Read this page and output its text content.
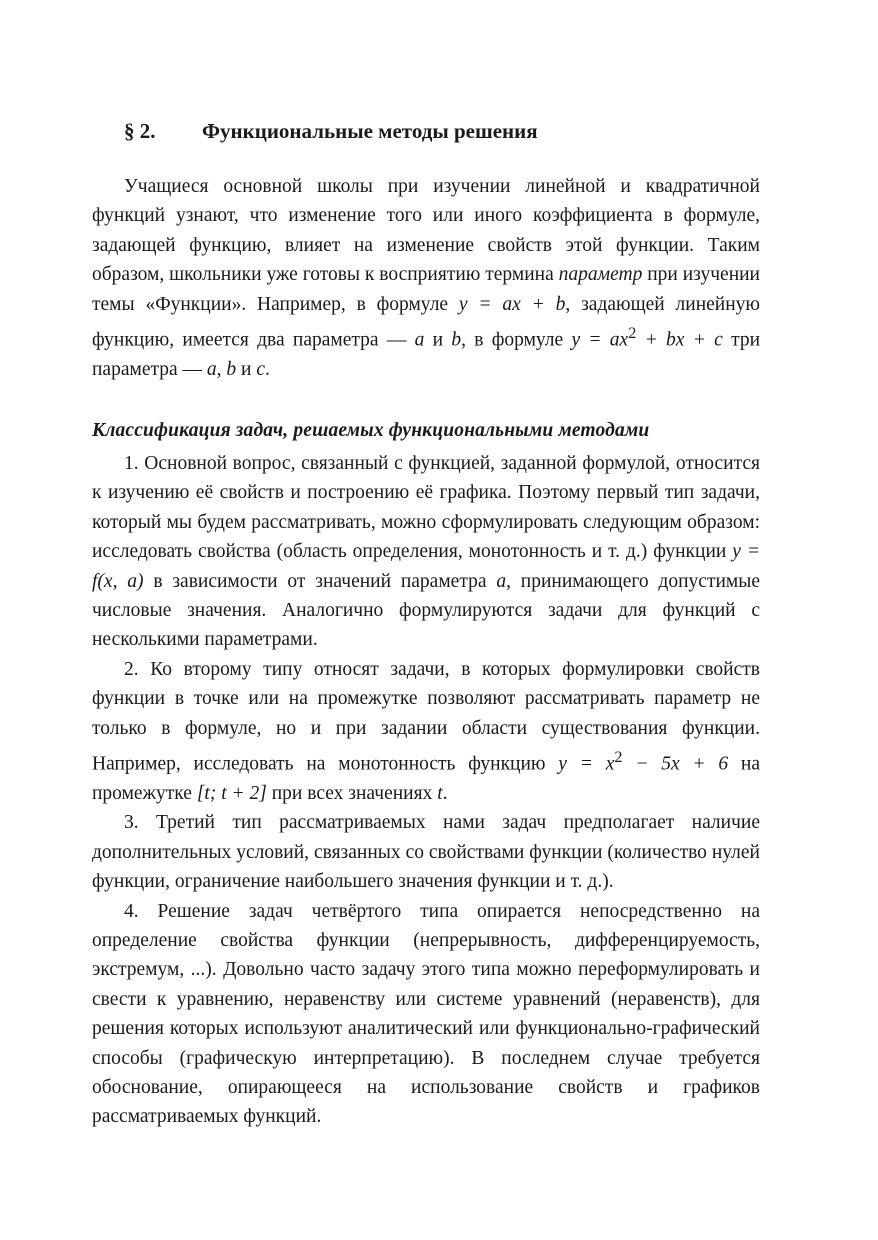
§ 2. Функциональные методы решения

Учащиеся основной школы при изучении линейной и квадратичной функций узнают, что изменение того или иного коэффициента в формуле, задающей функцию, влияет на изменение свойств этой функции. Таким образом, школьники уже готовы к восприятию термина параметр при изучении темы «Функции». Например, в формуле y = ax + b, задающей линейную функцию, имеется два параметра — a и b, в формуле $y = ax^2$ + bx + c три параметра — a, b и c.

Классификация задач, решаемых функциональными методами

1. Основной вопрос, связанный с функцией, заданной формулой, относится к изучению её свойств и построению её графика. Поэтому первый тип задачи, который мы будем рассматривать, можно сформулировать следующим образом: исследовать свойства (область определения, монотонность и т. д.) функции y = f(x, a) в зависимости от значений параметра a, принимающего допустимые числовые значения. Аналогично формулируются задачи для функций с несколькими параметрами.

2. Ко второму типу относят задачи, в которых формулировки свойств функции в точке или на промежутке позволяют рассматривать параметр не только в формуле, но и при задании области существования функции. Например, исследовать на монотонность функцию $y = x^2 - 5x + 6$ на промежутке [t; t + 2] при всех значениях t.

3. Третий тип рассматриваемых нами задач предполагает наличие дополнительных условий, связанных со свойствами функции (количество нулей функции, ограничение наибольшего значения функции и т. д.).

4. Решение задач четвёртого типа опирается непосредственно на определение свойства функции (непрерывность, дифференцируемость, экстремум, ...). Довольно часто задачу этого типа можно переформулировать и свести к уравнению, неравенству или системе уравнений (неравенств), для решения которых используют аналитический или функционально-графический способы (графическую интерпретацию). В последнем случае требуется обоснование, опирающееся на использование свойств и графиков рассматриваемых функций.
